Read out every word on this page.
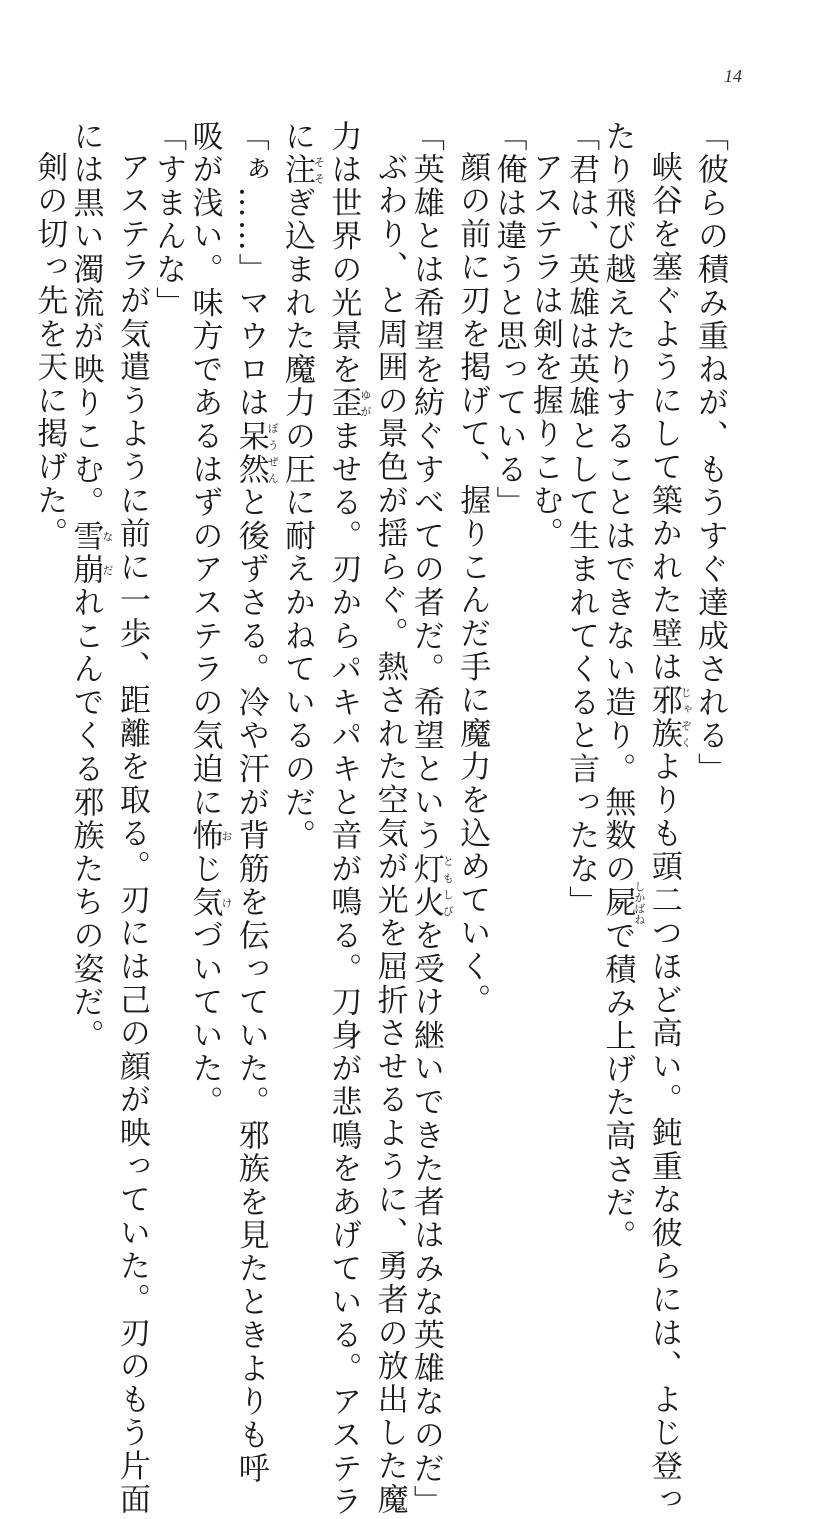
14
「彼らの積み重ねが、もうすぐ達成される」
峡谷を塞ぐようにして築かれた壁は邪族じゃぞくよりも頭二つほど高い。鈍重な彼らには、よじ登っ
たり飛び越えたりすることはできない造り。無数の屍しかばねで積み上げた高さだ。
「君は、英雄は英雄として生まれてくると言ったな」
アステラは剣を握りこむ。
「俺は違うと思っている」
顔の前に刃を掲げて、握りこんだ手に魔力を込めていく。
「英雄とは希望を紡ぐすべての者だ。希望という灯火ともしびを受け継いできた者はみな英雄なのだ」
ぶわり、と周囲の景色が揺らぐ。熱された空気が光を屈折させるように、勇者の放出した魔
力は世界の光景を歪ゆがませる。刃からパキパキと音が鳴る。刀身が悲鳴をあげている。アステラ
に注そそぎ込まれた魔力の圧に耐えかねているのだ。
「ぁ……」マウロは呆然ぼうぜんと後ずさる。冷や汗が背筋を伝っていた。邪族を見たときよりも呼
吸が浅い。味方であるはずのアステラの気迫に怖おじ気けづいていた。
「すまんな」
アステラが気遣うように前に一歩、距離を取る。刃には己の顔が映っていた。刃のもう片面
には黒い濁流が映りこむ。雪崩なだれこんでくる邪族たちの姿だ。
剣の切っ先を天に掲げた。
